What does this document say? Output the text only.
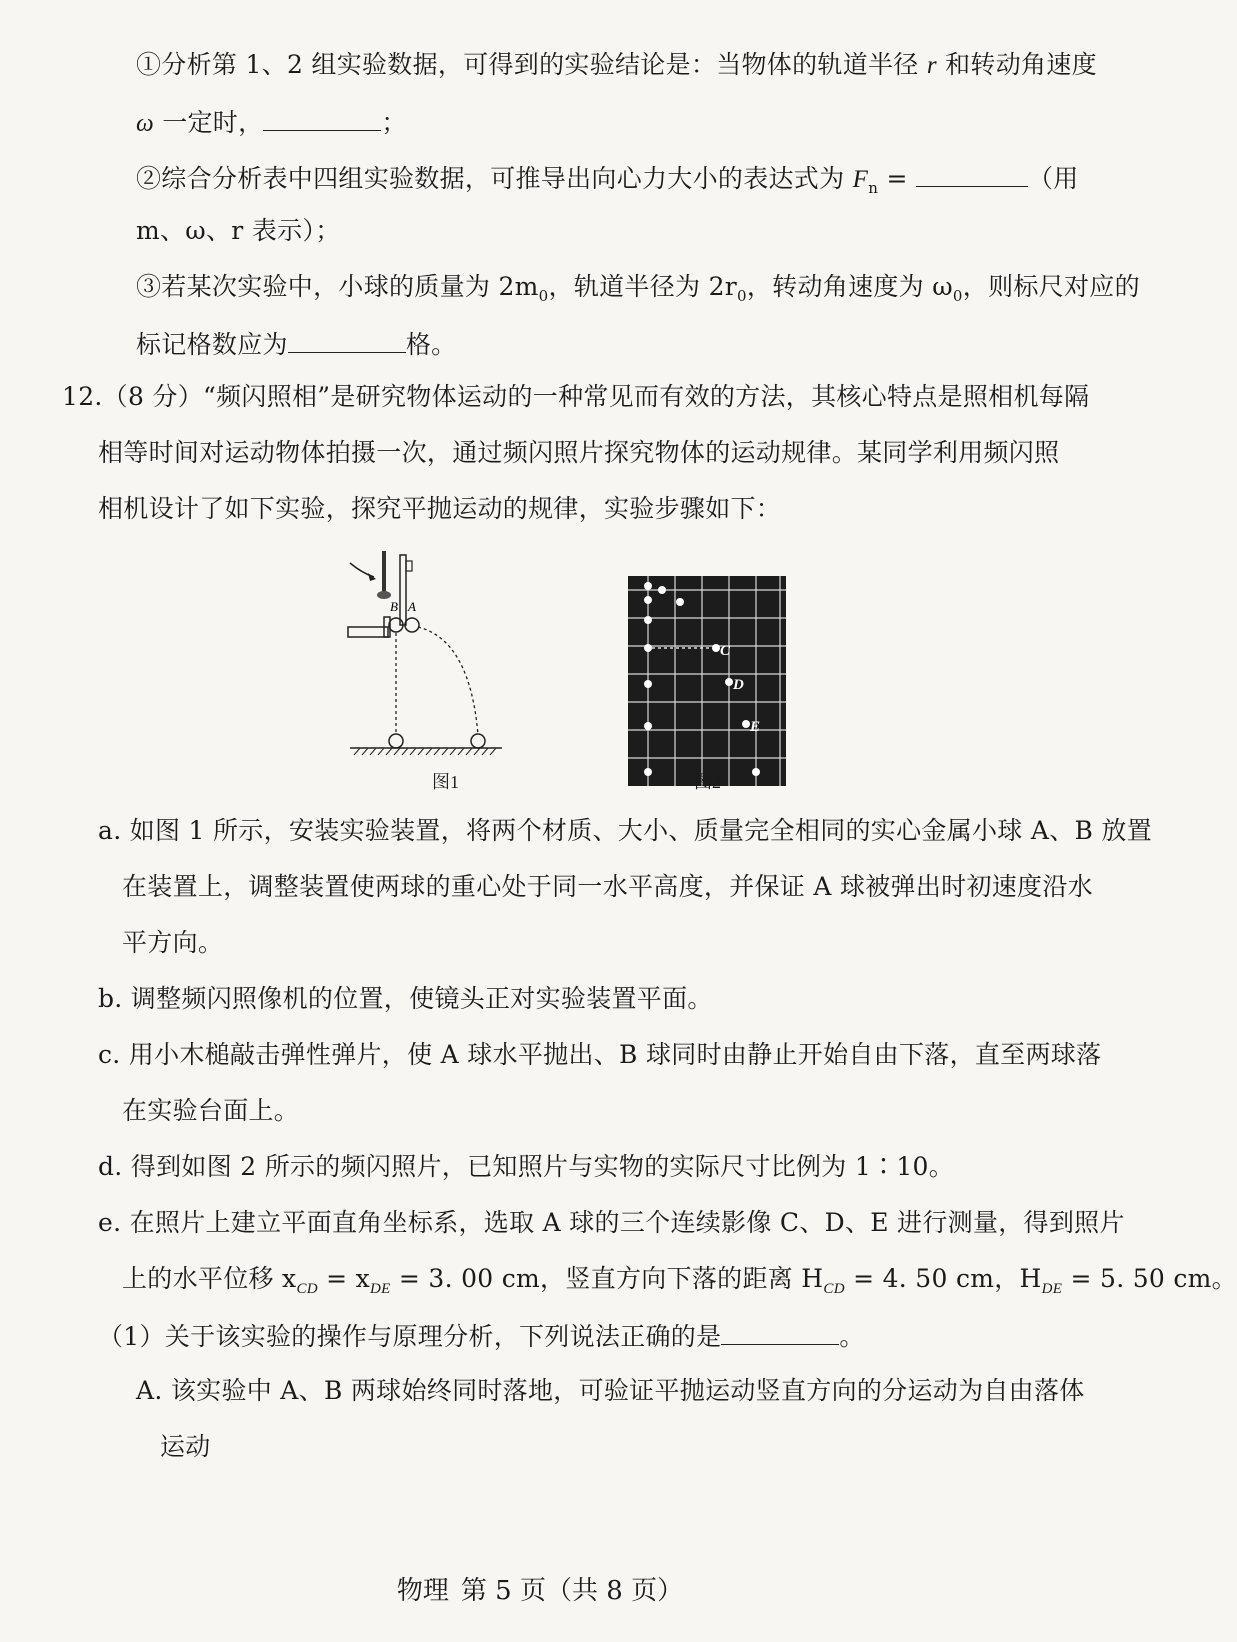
①分析第 1、2 组实验数据，可得到的实验结论是：当物体的轨道半径 r 和转动角速度
ω 一定时，	；
②综合分析表中四组实验数据，可推导出向心力大小的表达式为 $F_n$ =	（用
m、ω、r 表示）；
③若某次实验中，小球的质量为 $2m_0$，轨道半径为 $2r_0$，转动角速度为 $\omega_0$，则标尺对应的
标记格数应为	格。
12.（8 分）“频闪照相”是研究物体运动的一种常见而有效的方法，其核心特点是照相机每隔
相等时间对运动物体拍摄一次，通过频闪照片探究物体的运动规律。某同学利用频闪照
相机设计了如下实验，探究平抛运动的规律，实验步骤如下：
B A
图1
C
D
E
图2
a. 如图 1 所示，安装实验装置，将两个材质、大小、质量完全相同的实心金属小球 A、B 放置
在装置上，调整装置使两球的重心处于同一水平高度，并保证 A 球被弹出时初速度沿水
平方向。
b. 调整频闪照像机的位置，使镜头正对实验装置平面。
c. 用小木槌敲击弹性弹片，使 A 球水平抛出、B 球同时由静止开始自由下落，直至两球落
在实验台面上。
d. 得到如图 2 所示的频闪照片，已知照片与实物的实际尺寸比例为 1∶10。
e. 在照片上建立平面直角坐标系，选取 A 球的三个连续影像 C、D、E 进行测量，得到照片
上的水平位移 $x_{CD} = x_{DE} = 3$. 00 cm，竖直方向下落的距离 $H_{CD} = 4$. 50 cm，$H_{DE} = 5$. 50 cm。
（1）关于该实验的操作与原理分析，下列说法正确的是	。
A. 该实验中 A、B 两球始终同时落地，可验证平抛运动竖直方向的分运动为自由落体
运动
物理 第 5 页（共 8 页）
